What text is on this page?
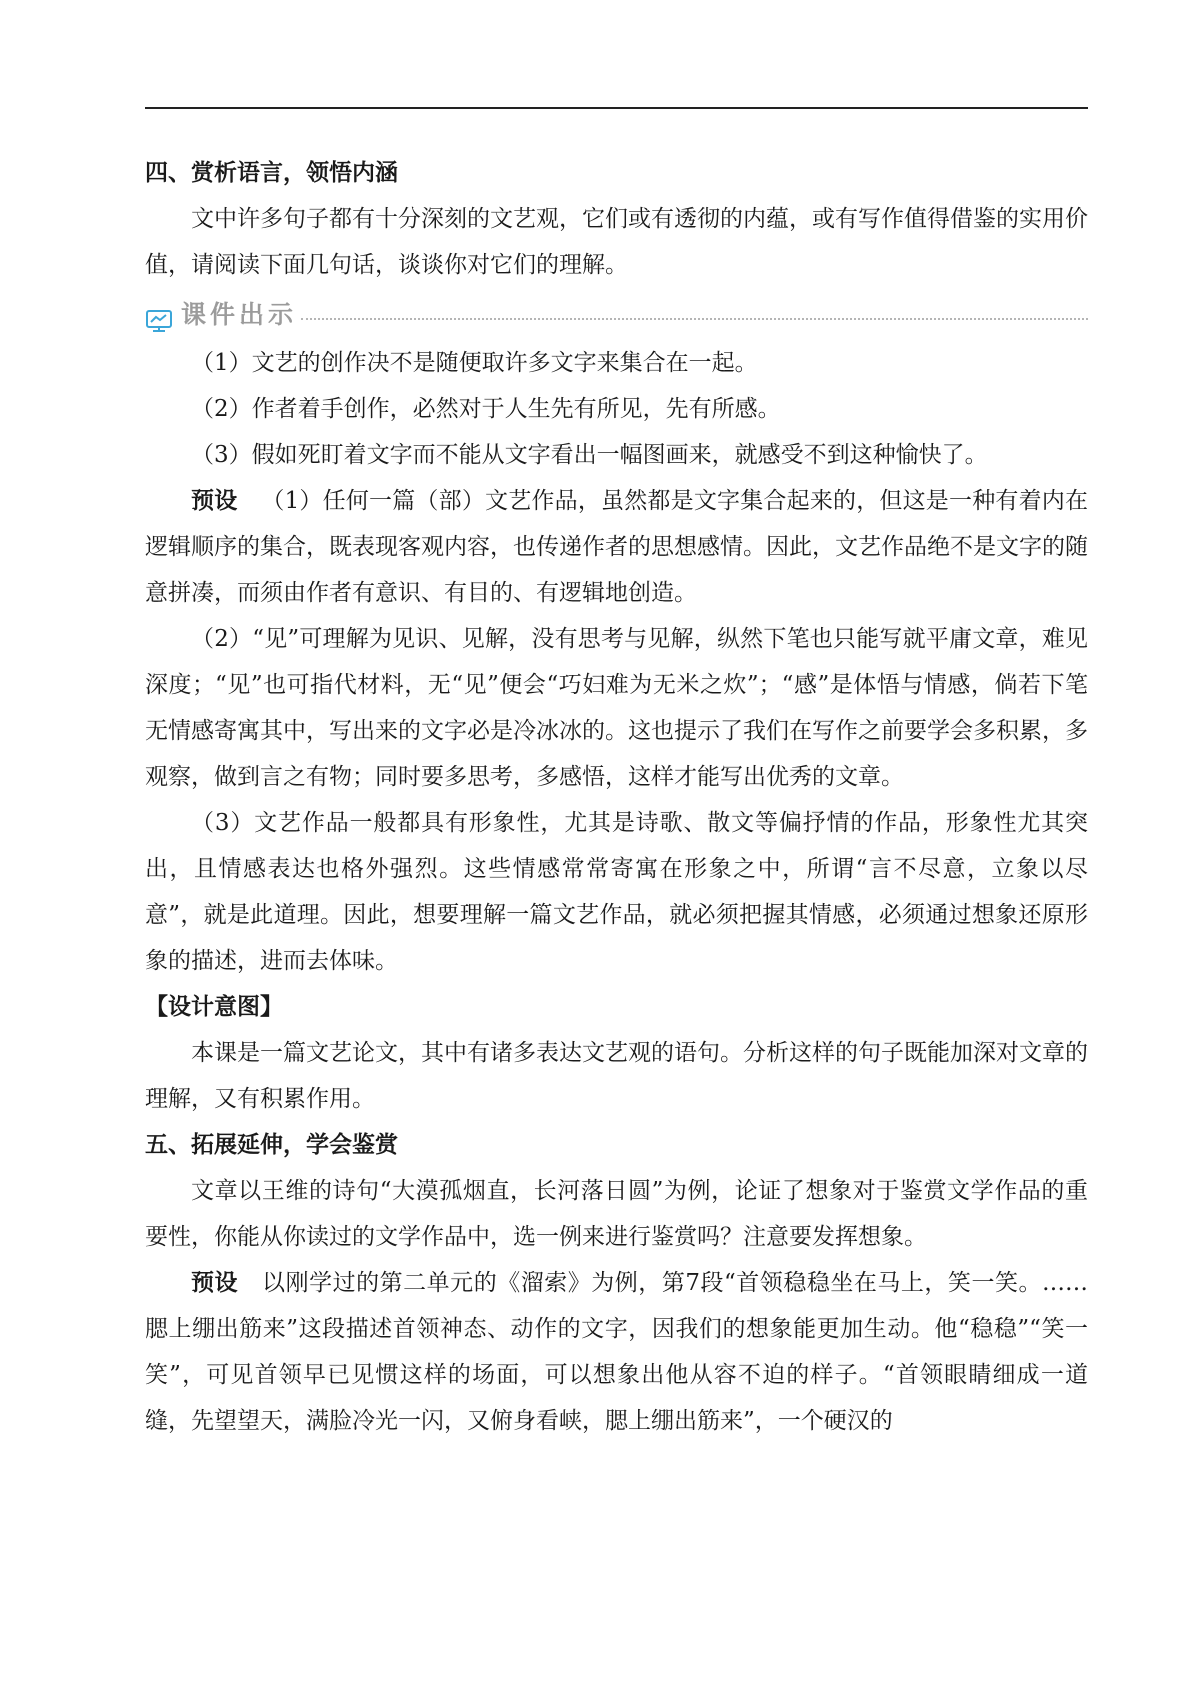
四、赏析语言，领悟内涵

文中许多句子都有十分深刻的文艺观，它们或有透彻的内蕴，或有写作值得借鉴的实用价值，请阅读下面几句话，谈谈你对它们的理解。

课件出示

（1）文艺的创作决不是随便取许多文字来集合在一起。

（2）作者着手创作，必然对于人生先有所见，先有所感。

（3）假如死盯着文字而不能从文字看出一幅图画来，就感受不到这种愉快了。

预设 （1）任何一篇（部）文艺作品，虽然都是文字集合起来的，但这是一种有着内在逻辑顺序的集合，既表现客观内容，也传递作者的思想感情。因此，文艺作品绝不是文字的随意拼凑，而须由作者有意识、有目的、有逻辑地创造。

（2）“见”可理解为见识、见解，没有思考与见解，纵然下笔也只能写就平庸文章，难见深度；“见”也可指代材料，无“见”便会“巧妇难为无米之炊”；“感”是体悟与情感，倘若下笔无情感寄寓其中，写出来的文字必是冷冰冰的。这也提示了我们在写作之前要学会多积累，多观察，做到言之有物；同时要多思考，多感悟，这样才能写出优秀的文章。

（3）文艺作品一般都具有形象性，尤其是诗歌、散文等偏抒情的作品，形象性尤其突出，且情感表达也格外强烈。这些情感常常寄寓在形象之中，所谓“言不尽意，立象以尽意”，就是此道理。因此，想要理解一篇文艺作品，就必须把握其情感，必须通过想象还原形象的描述，进而去体味。

【设计意图】

本课是一篇文艺论文，其中有诸多表达文艺观的语句。分析这样的句子既能加深对文章的理解，又有积累作用。

五、拓展延伸，学会鉴赏

文章以王维的诗句“大漠孤烟直，长河落日圆”为例，论证了想象对于鉴赏文学作品的重要性，你能从你读过的文学作品中，选一例来进行鉴赏吗？注意要发挥想象。

预设 以刚学过的第二单元的《溜索》为例，第7段“首领稳稳坐在马上，笑一笑。……腮上绷出筋来”这段描述首领神态、动作的文字，因我们的想象能更加生动。他“稳稳”“笑一笑”，可见首领早已见惯这样的场面，可以想象出他从容不迫的样子。“首领眼睛细成一道缝，先望望天，满脸冷光一闪，又俯身看峡，腮上绷出筋来”，一个硬汉的
